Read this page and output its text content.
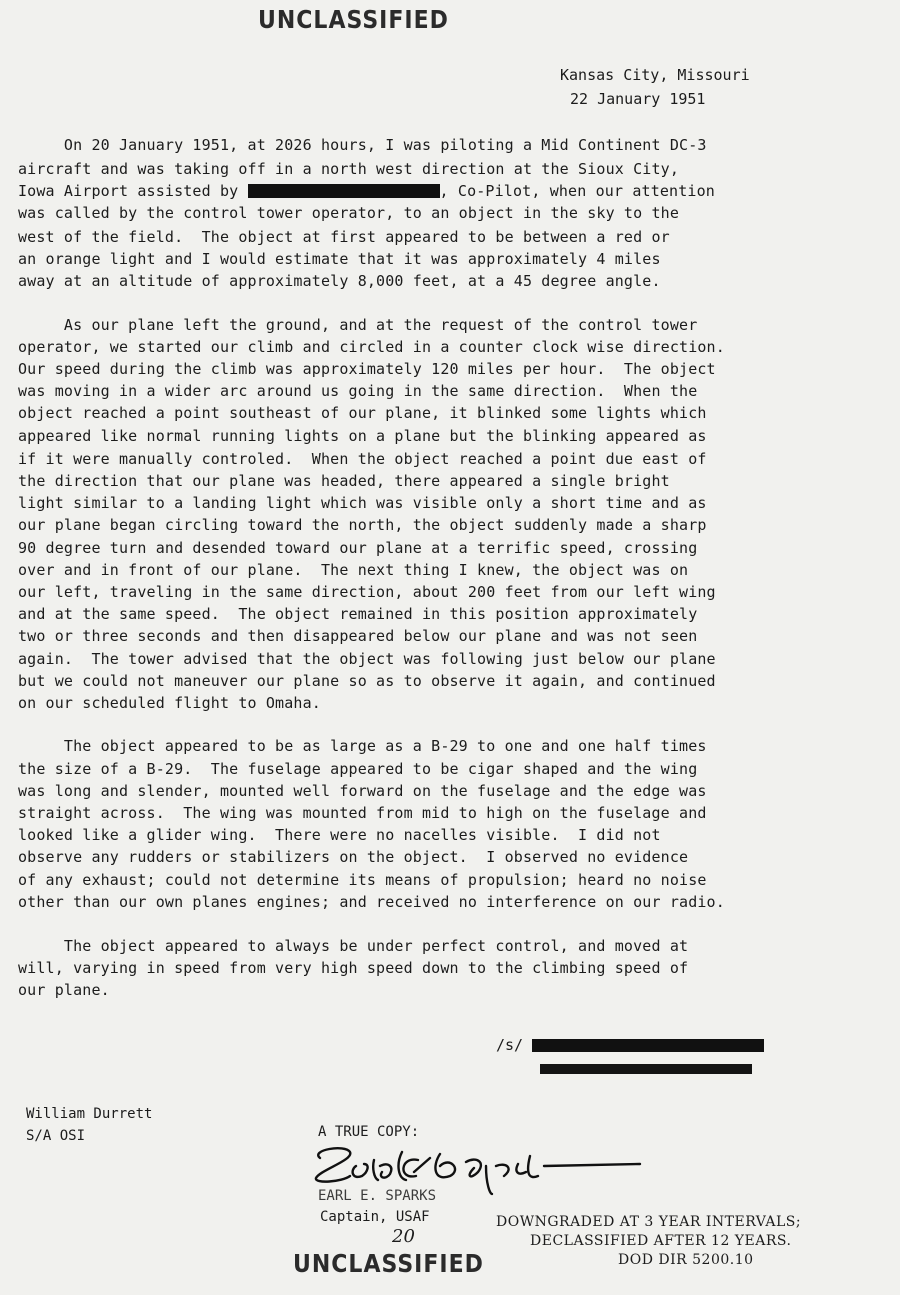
UNCLASSIFIED
Kansas City, Missouri
22 January 1951
On 20 January 1951, at 2026 hours, I was piloting a Mid Continent DC-3
aircraft and was taking off in a north west direction at the Sioux City,
Iowa Airport assisted by	, Co-Pilot, when our attention
was called by the control tower operator, to an object in the sky to the
west of the field.  The object at first appeared to be between a red or
an orange light and I would estimate that it was approximately 4 miles
away at an altitude of approximately 8,000 feet, at a 45 degree angle.
As our plane left the ground, and at the request of the control tower
operator, we started our climb and circled in a counter clock wise direction.
Our speed during the climb was approximately 120 miles per hour.  The object
was moving in a wider arc around us going in the same direction.  When the
object reached a point southeast of our plane, it blinked some lights which
appeared like normal running lights on a plane but the blinking appeared as
if it were manually controled.  When the object reached a point due east of
the direction that our plane was headed, there appeared a single bright
light similar to a landing light which was visible only a short time and as
our plane began circling toward the north, the object suddenly made a sharp
90 degree turn and desended toward our plane at a terrific speed, crossing
over and in front of our plane.  The next thing I knew, the object was on
our left, traveling in the same direction, about 200 feet from our left wing
and at the same speed.  The object remained in this position approximately
two or three seconds and then disappeared below our plane and was not seen
again.  The tower advised that the object was following just below our plane
but we could not maneuver our plane so as to observe it again, and continued
on our scheduled flight to Omaha.
The object appeared to be as large as a B-29 to one and one half times
the size of a B-29.  The fuselage appeared to be cigar shaped and the wing
was long and slender, mounted well forward on the fuselage and the edge was
straight across.  The wing was mounted from mid to high on the fuselage and
looked like a glider wing.  There were no nacelles visible.  I did not
observe any rudders or stabilizers on the object.  I observed no evidence
of any exhaust; could not determine its means of propulsion; heard no noise
other than our own planes engines; and received no interference on our radio.
The object appeared to always be under perfect control, and moved at
will, varying in speed from very high speed down to the climbing speed of
our plane.
/s/
William Durrett
S/A OSI	A TRUE COPY:
EARL E. SPARKS
Captain, USAF
20
DOWNGRADED AT 3 YEAR INTERVALS;
DECLASSIFIED AFTER 12 YEARS.
DOD DIR 5200.10
UNCLASSIFIED
